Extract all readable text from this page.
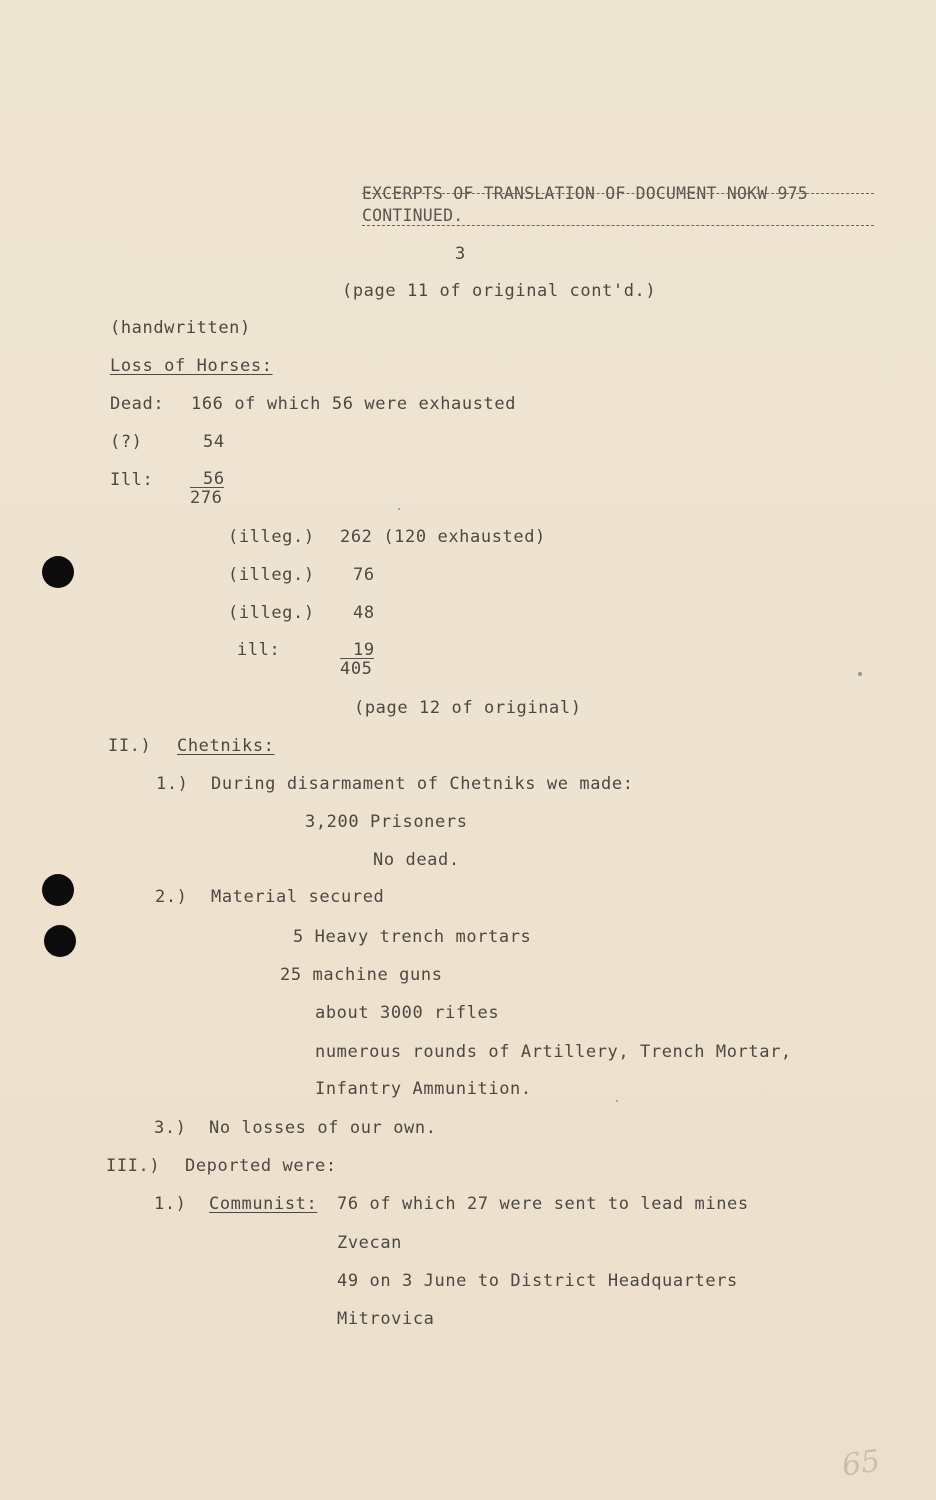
EXCERPTS OF TRANSLATION OF DOCUMENT NOKW 975
CONTINUED.
3
(page 11 of original cont'd.)
(handwritten)
Loss of Horses:
Dead: 166 of which 56 were exhausted
(?)	54
Ill:	56
276
(illeg.) 262 (120 exhausted)
(illeg.) 76
(illeg.) 48
ill:	19
405
(page 12 of original)
II.) Chetniks:
1.) During disarmament of Chetniks we made:
3,200 Prisoners
No dead.
2.) Material secured
5 Heavy trench mortars
25 machine guns
about 3000 rifles
numerous rounds of Artillery, Trench Mortar,
Infantry Ammunition.
3.) No losses of our own.
III.) Deported were:
1.) Communist: 76 of which 27 were sent to lead mines
Zvecan
49 on 3 June to District Headquarters
Mitrovica
65
